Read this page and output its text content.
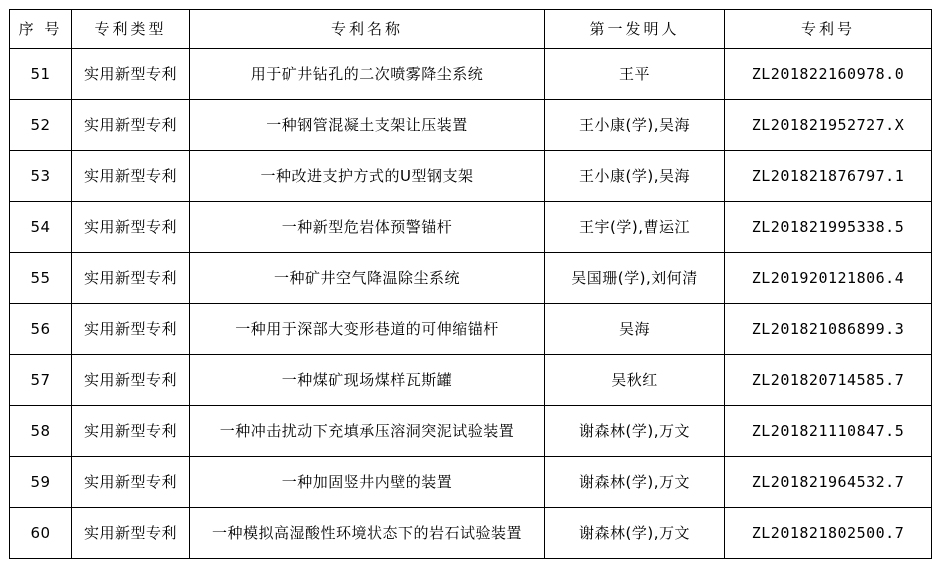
序 号	专利类型	专利名称	第一发明人	专利号
51	实用新型专利	用于矿井钻孔的二次喷雾降尘系统	王平	ZL201822160978.0
52	实用新型专利	一种钢管混凝土支架让压装置	王小康(学),吴海	ZL201821952727.X
53	实用新型专利	一种改进支护方式的U型钢支架	王小康(学),吴海	ZL201821876797.1
54	实用新型专利	一种新型危岩体预警锚杆	王宇(学),曹运江	ZL201821995338.5
55	实用新型专利	一种矿井空气降温除尘系统	吴国珊(学),刘何清	ZL201920121806.4
56	实用新型专利	一种用于深部大变形巷道的可伸缩锚杆	吴海	ZL201821086899.3
57	实用新型专利	一种煤矿现场煤样瓦斯罐	吴秋红	ZL201820714585.7
58	实用新型专利	一种冲击扰动下充填承压溶洞突泥试验装置	谢森林(学),万文	ZL201821110847.5
59	实用新型专利	一种加固竖井内壁的装置	谢森林(学),万文	ZL201821964532.7
60	实用新型专利	一种模拟高湿酸性环境状态下的岩石试验装置	谢森林(学),万文	ZL201821802500.7
